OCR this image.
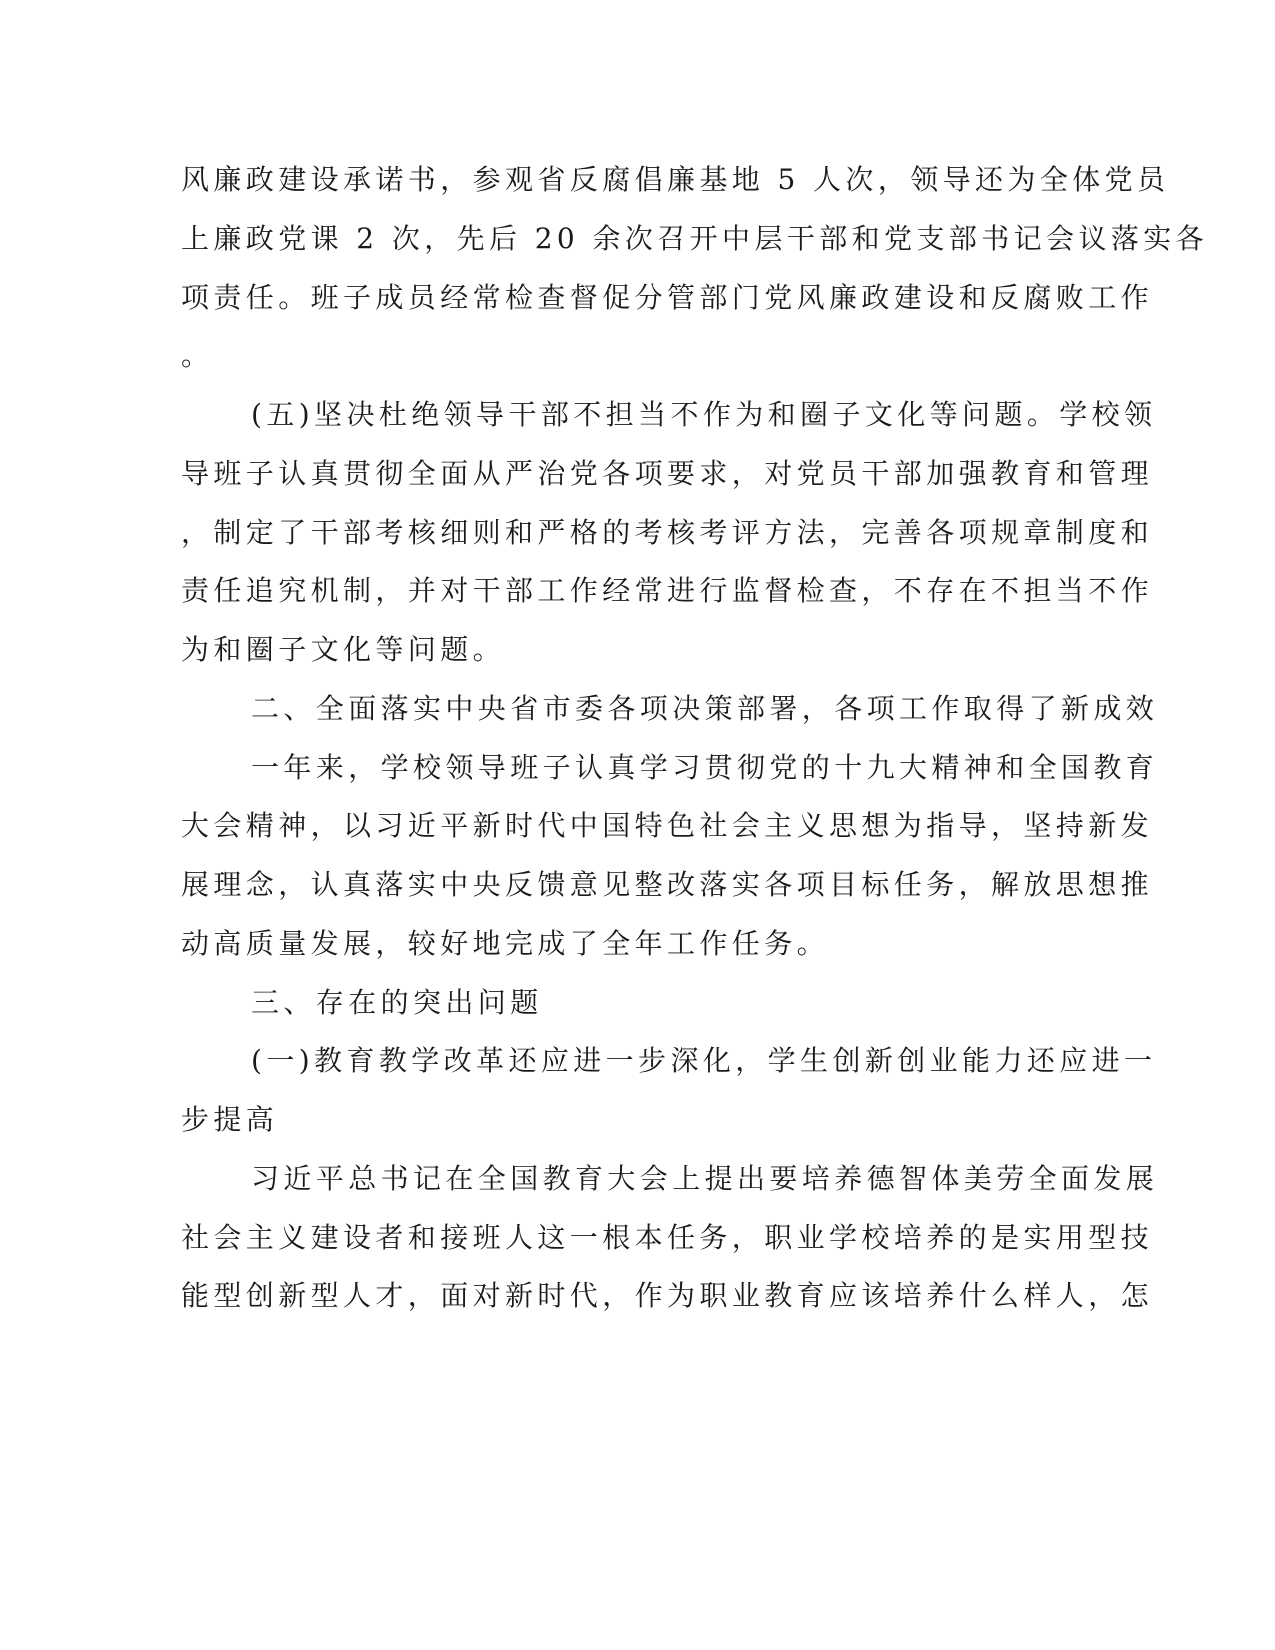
风廉政建设承诺书，参观省反腐倡廉基地 5 人次，领导还为全体党员
上廉政党课 2 次，先后 20 余次召开中层干部和党支部书记会议落实各
项责任。班子成员经常检查督促分管部门党风廉政建设和反腐败工作
。
(五)坚决杜绝领导干部不担当不作为和圈子文化等问题。学校领
导班子认真贯彻全面从严治党各项要求，对党员干部加强教育和管理
，制定了干部考核细则和严格的考核考评方法，完善各项规章制度和
责任追究机制，并对干部工作经常进行监督检查，不存在不担当不作
为和圈子文化等问题。
二、全面落实中央省市委各项决策部署，各项工作取得了新成效
一年来，学校领导班子认真学习贯彻党的十九大精神和全国教育
大会精神，以习近平新时代中国特色社会主义思想为指导，坚持新发
展理念，认真落实中央反馈意见整改落实各项目标任务，解放思想推
动高质量发展，较好地完成了全年工作任务。
三、存在的突出问题
(一)教育教学改革还应进一步深化，学生创新创业能力还应进一
步提高
习近平总书记在全国教育大会上提出要培养德智体美劳全面发展
社会主义建设者和接班人这一根本任务，职业学校培养的是实用型技
能型创新型人才，面对新时代，作为职业教育应该培养什么样人，怎
